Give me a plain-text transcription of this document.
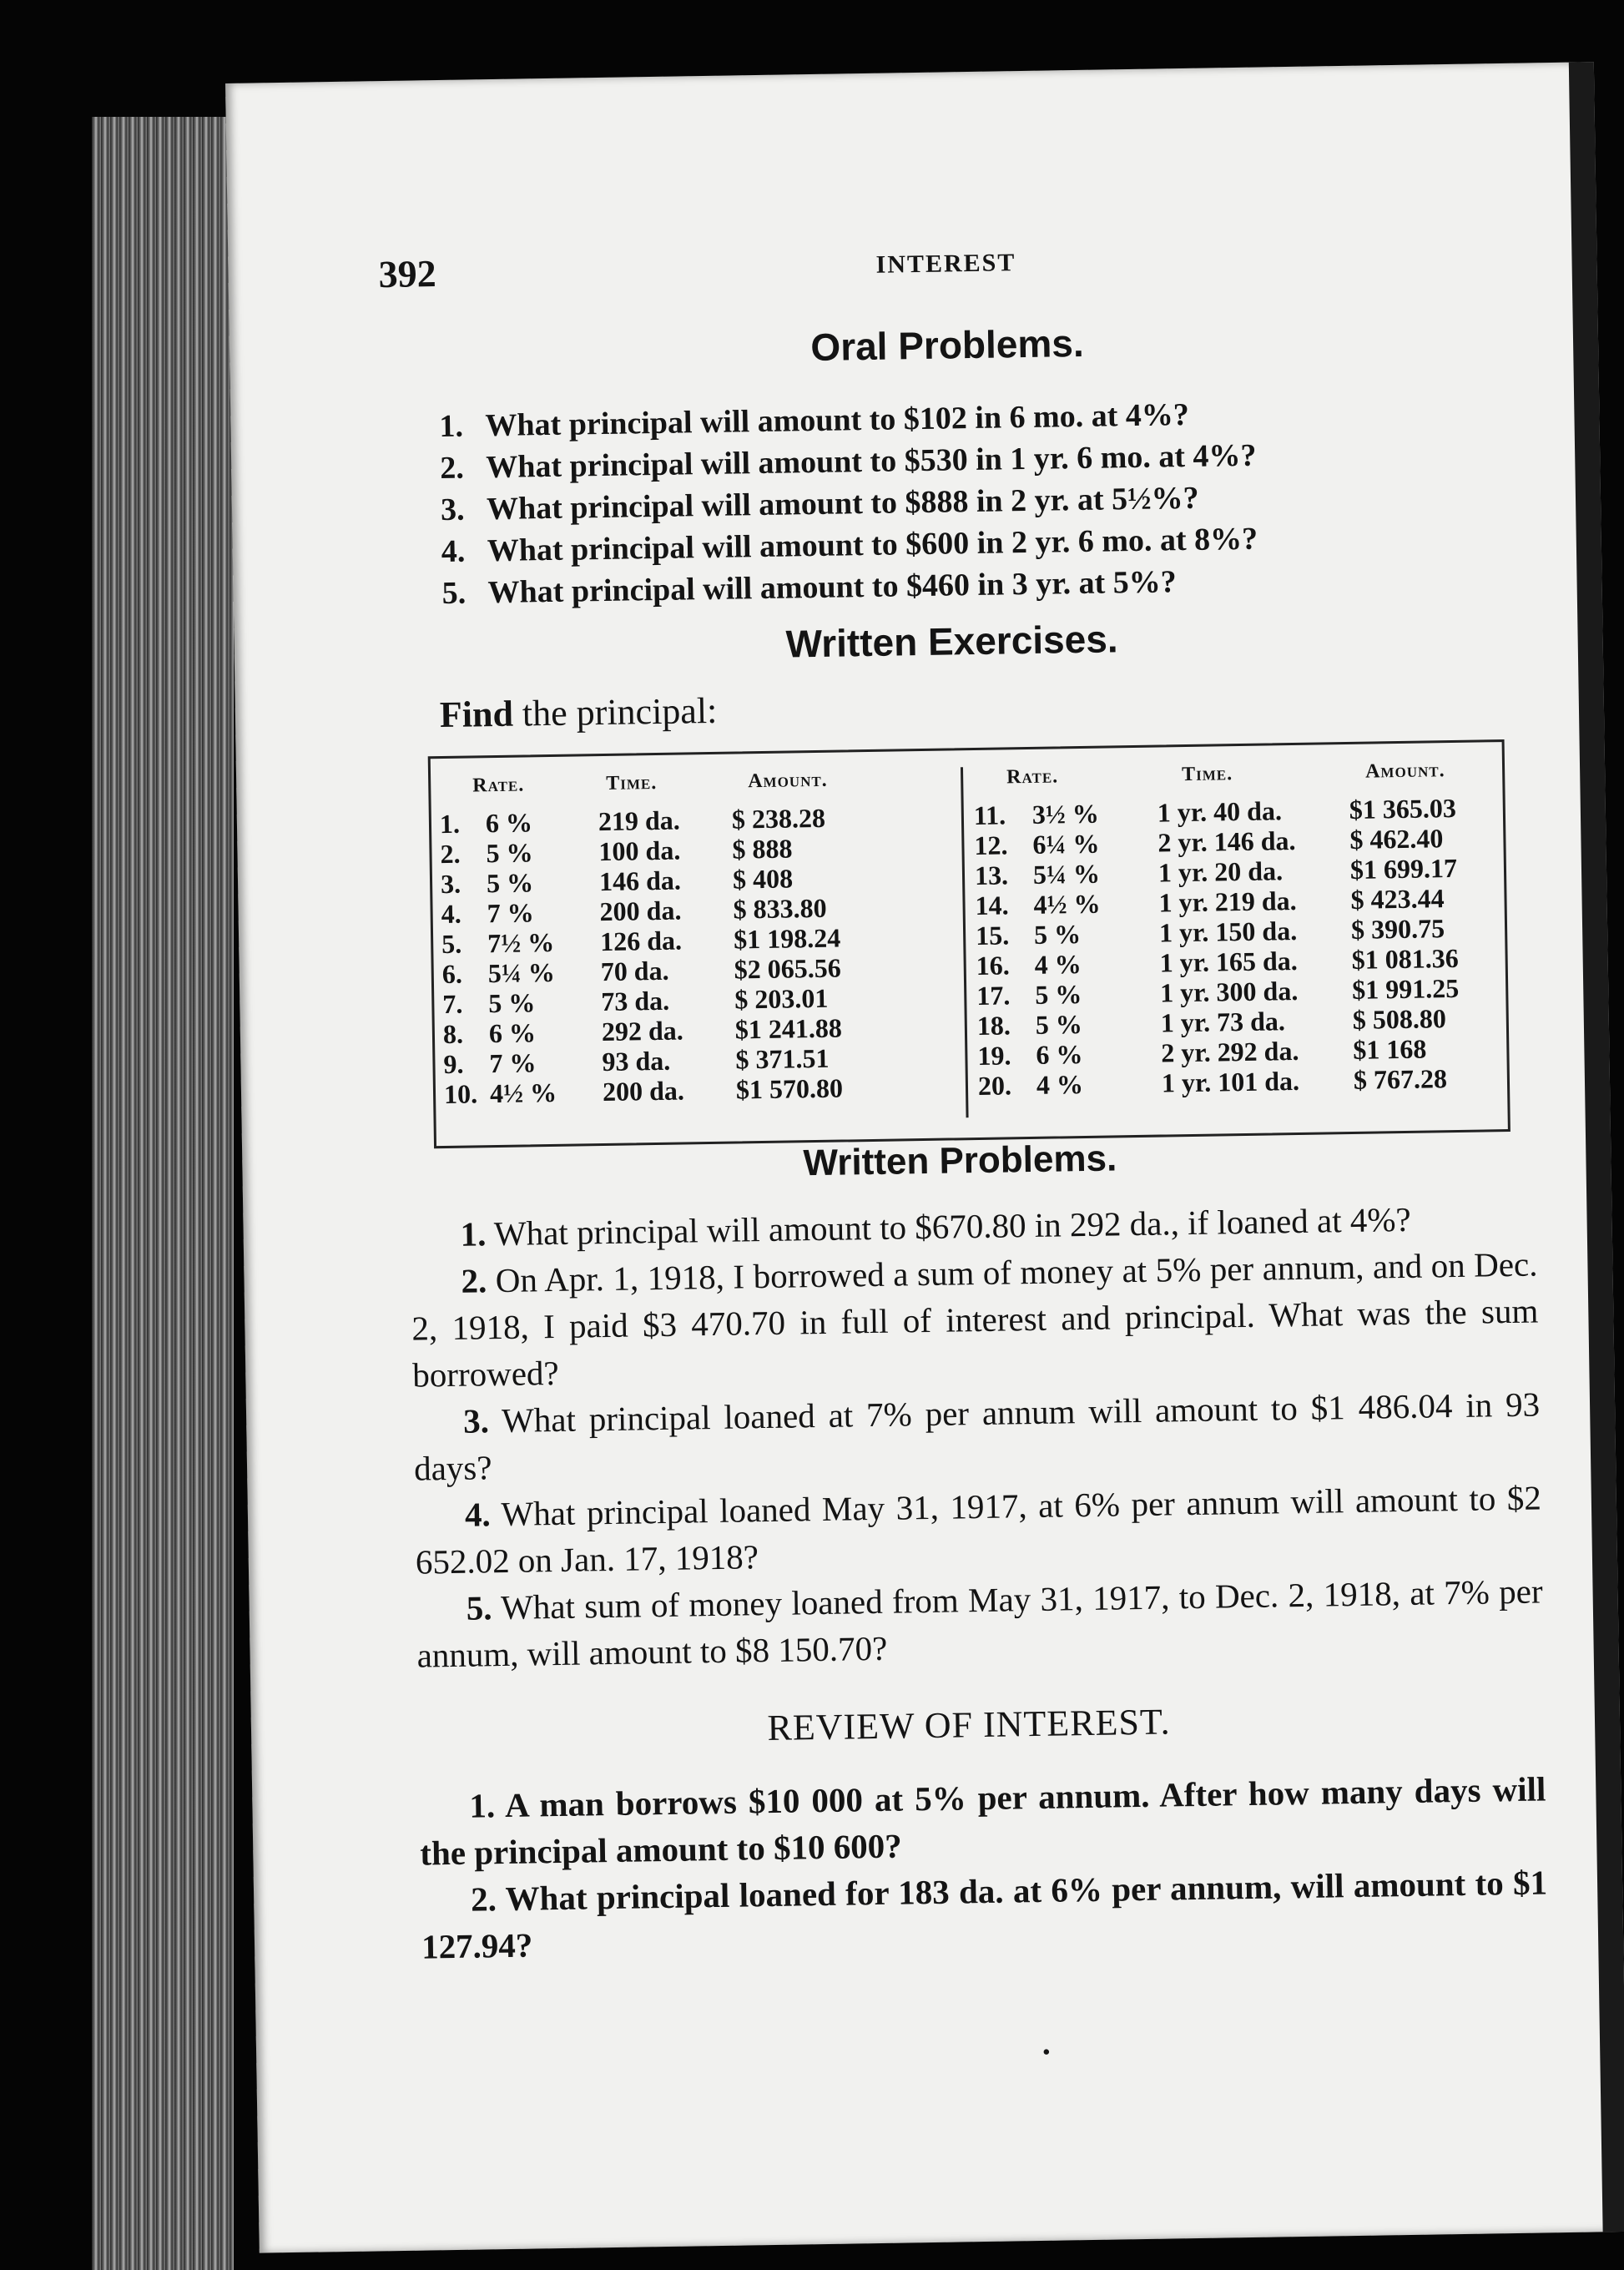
392	INTEREST
Oral Problems.
1. What principal will amount to $102 in 6 mo. at 4%?
2. What principal will amount to $530 in 1 yr. 6 mo. at 4%?
3. What principal will amount to $888 in 2 yr. at 5½%?
4. What principal will amount to $600 in 2 yr. 6 mo. at 8%?
5. What principal will amount to $460 in 3 yr. at 5%?
Written Exercises.
Find the principal:
Rate.	Time.	Amount.
1. 6 % 219 da. $ 238.28
2. 5 % 100 da. $ 888
3. 5 % 146 da. $ 408
4. 7 % 200 da. $ 833.80
5. 7½ % 126 da. $1 198.24
6. 5¼ % 70 da. $2 065.56
7. 5 % 73 da. $ 203.01
8. 6 % 292 da. $1 241.88
9. 7 % 93 da. $ 371.51
10. 4½ % 200 da. $1 570.80
Rate.	Time.	Amount.
11. 3½ % 1 yr. 40 da.	$1 365.03
12. 6¼ % 2 yr. 146 da. $ 462.40
13. 5¼ % 1 yr. 20 da.	$1 699.17
14. 4½ % 1 yr. 219 da. $ 423.44
15. 5 %	1 yr. 150 da. $ 390.75
16. 4 %	1 yr. 165 da. $1 081.36
17. 5 %	1 yr. 300 da. $1 991.25
18. 5 %	1 yr. 73 da.	$ 508.80
19. 6 %	2 yr. 292 da. $1 168
20. 4 %	1 yr. 101 da. $ 767.28
Written Problems.

1. What principal will amount to $670.80 in 292 da., if loaned at 4%?

2. On Apr. 1, 1918, I borrowed a sum of money at 5% per annum, and on Dec. 2, 1918, I paid $3 470.70 in full of interest and principal. What was the sum borrowed?

3. What principal loaned at 7% per annum will amount to $1 486.04 in 93 days?

4. What principal loaned May 31, 1917, at 6% per annum will amount to $2 652.02 on Jan. 17, 1918?

5. What sum of money loaned from May 31, 1917, to Dec. 2, 1918, at 7% per annum, will amount to $8 150.70?

REVIEW OF INTEREST.

1. A man borrows $10 000 at 5% per annum. After how many days will the principal amount to $10 600?

2. What principal loaned for 183 da. at 6% per annum, will amount to $1 127.94?

·
